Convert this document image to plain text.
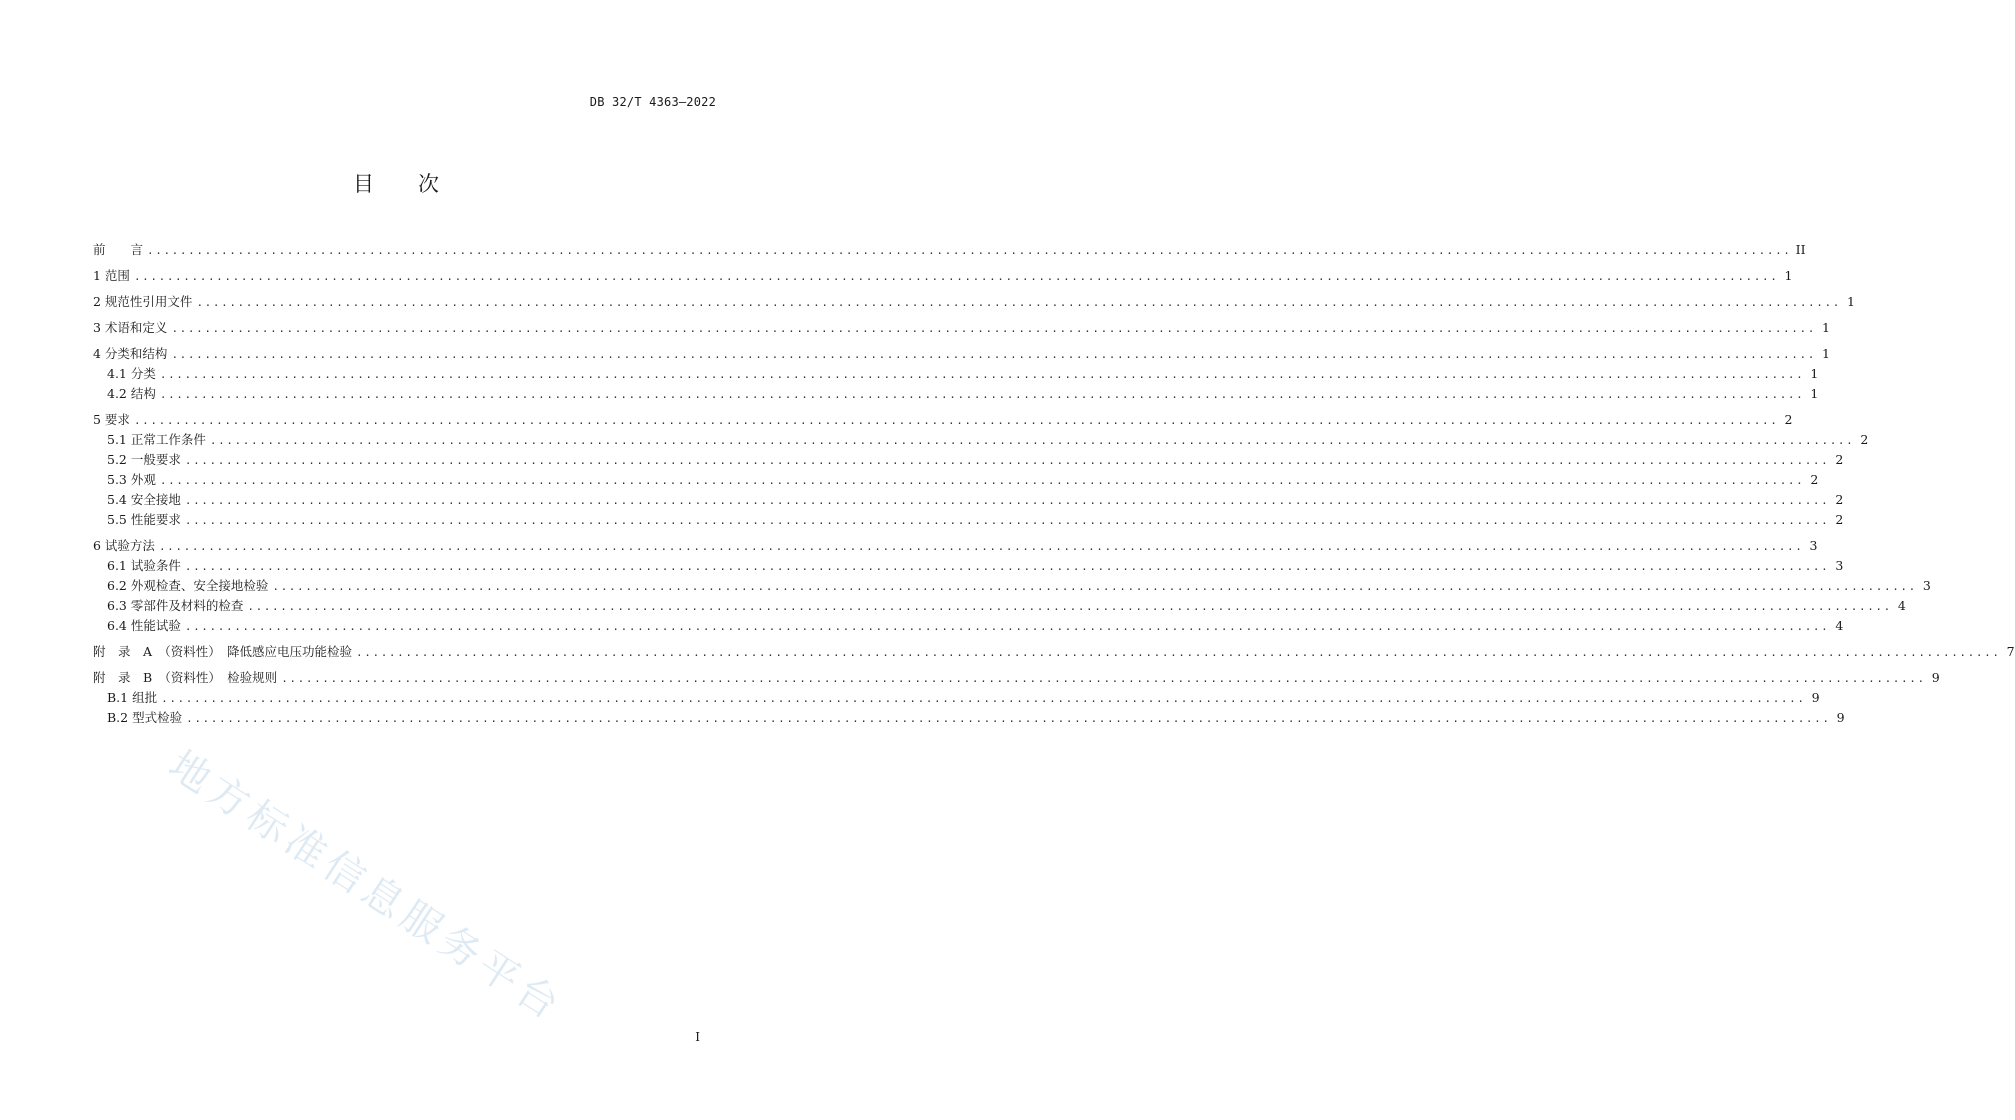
DB 32/T 4363—2022
目 次
前　　言 ........................................................................................................................................................................................................ II
1 范围 ........................................................................................................................................................................................................ 1
2 规范性引用文件 ........................................................................................................................................................................................................ 1
3 术语和定义 ........................................................................................................................................................................................................ 1
4 分类和结构 ........................................................................................................................................................................................................ 1
4.1 分类 ........................................................................................................................................................................................................ 1
4.2 结构 ........................................................................................................................................................................................................ 1
5 要求 ........................................................................................................................................................................................................ 2
5.1 正常工作条件 ........................................................................................................................................................................................................ 2
5.2 一般要求 ........................................................................................................................................................................................................ 2
5.3 外观 ........................................................................................................................................................................................................ 2
5.4 安全接地 ........................................................................................................................................................................................................ 2
5.5 性能要求 ........................................................................................................................................................................................................ 2
6 试验方法 ........................................................................................................................................................................................................ 3
6.1 试验条件 ........................................................................................................................................................................................................ 3
6.2 外观检查、安全接地检验 ........................................................................................................................................................................................................ 3
6.3 零部件及材料的检查 ........................................................................................................................................................................................................ 4
6.4 性能试验 ........................................................................................................................................................................................................ 4
附　录　A　（资料性）　降低感应电压功能检验 ........................................................................................................................................................................................................ 7
附　录　B　（资料性）　检验规则 ........................................................................................................................................................................................................ 9
B.1 组批 ........................................................................................................................................................................................................ 9
B.2 型式检验 ........................................................................................................................................................................................................ 9
地方标准信息服务平台
I
